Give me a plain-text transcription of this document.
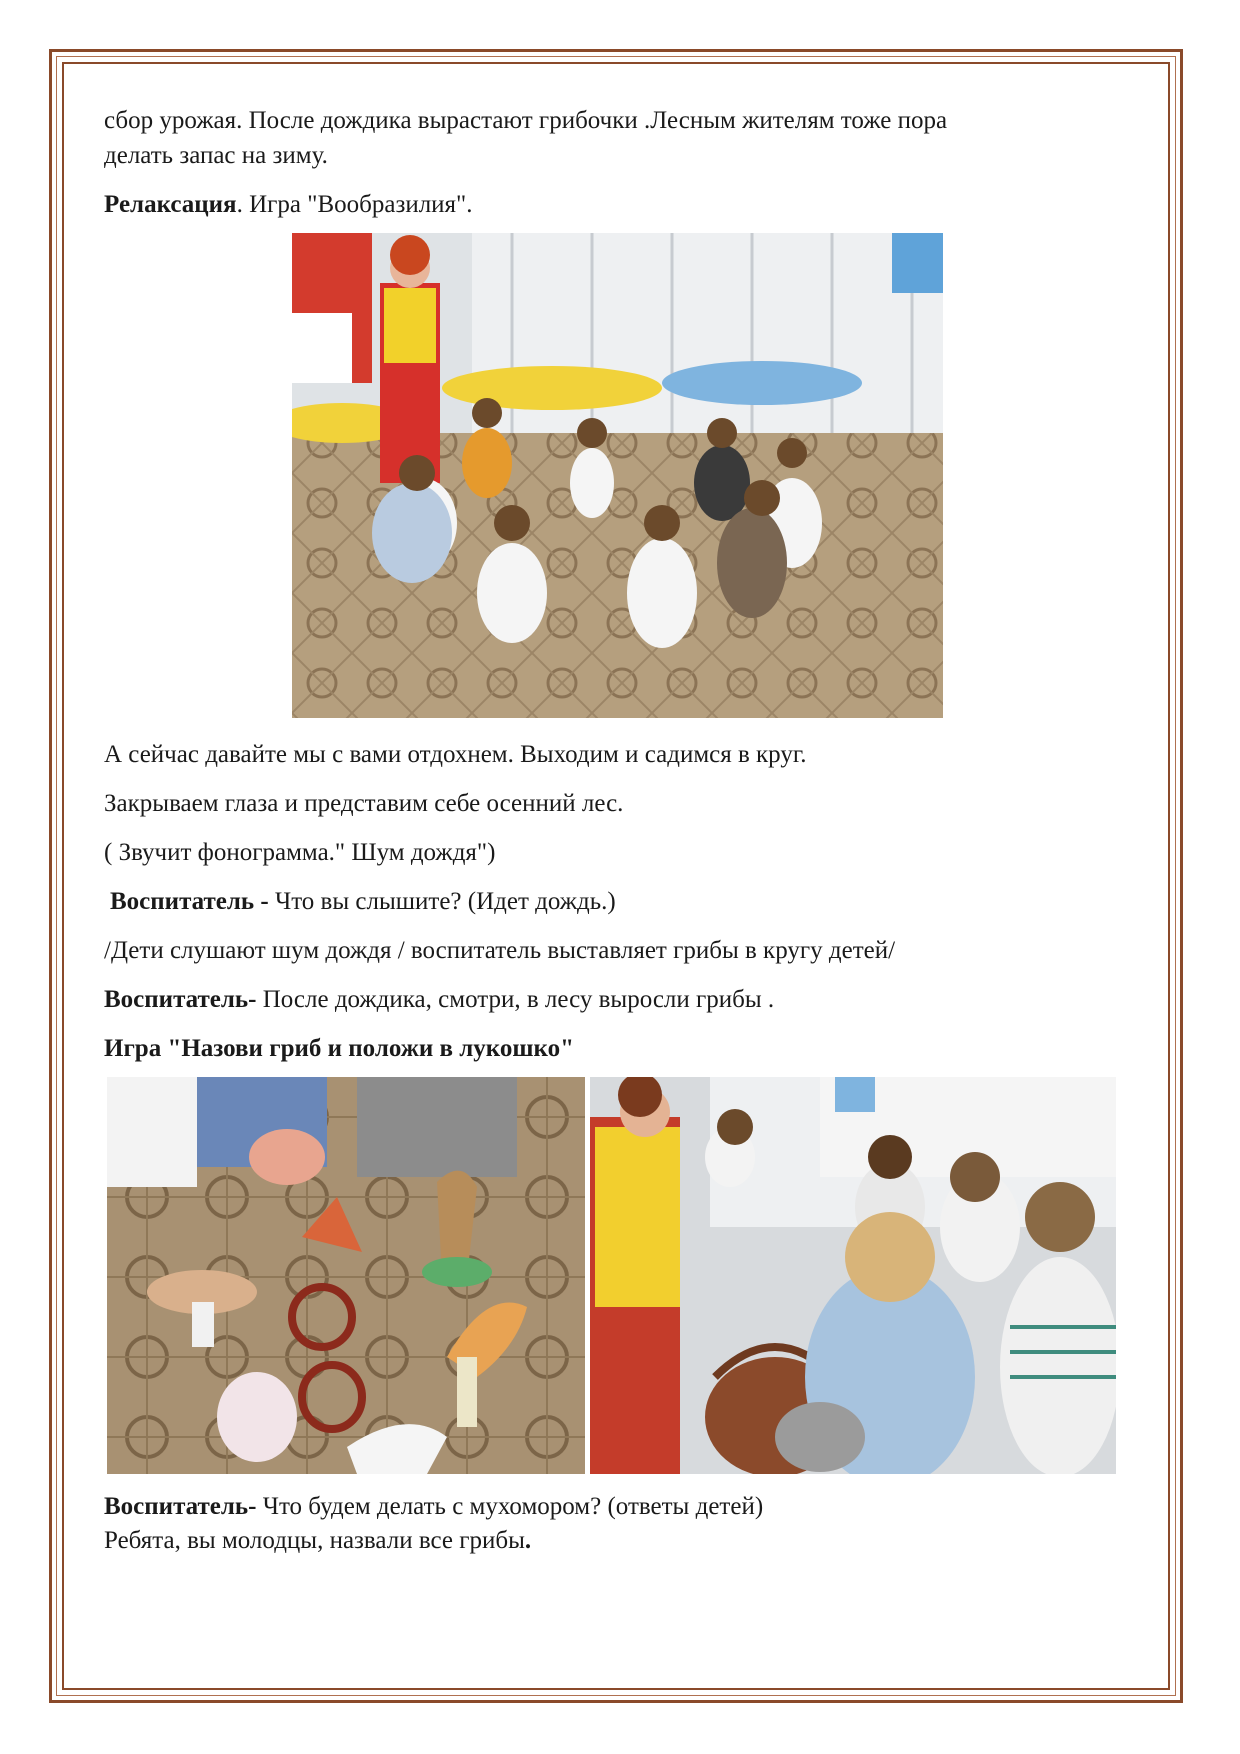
сбор урожая. После дождика вырастают грибочки .Лесным жителям тоже пора
делать запас на зиму.
Релаксация. Игра "Вообразилия".
А сейчас давайте мы с вами отдохнем. Выходим и садимся в круг.
Закрываем глаза и представим себе осенний лес.
( Звучит фонограмма." Шум дождя")
Воспитатель - Что вы слышите? (Идет дождь.)
/Дети слушают шум дождя / воспитатель выставляет грибы в кругу детей/
Воспитатель- После дождика, смотри, в лесу выросли грибы .
Игра "Назови гриб и положи в лукошко"
Воспитатель- Что будем делать с мухомором? (ответы детей)
Ребята, вы молодцы, назвали все грибы.
